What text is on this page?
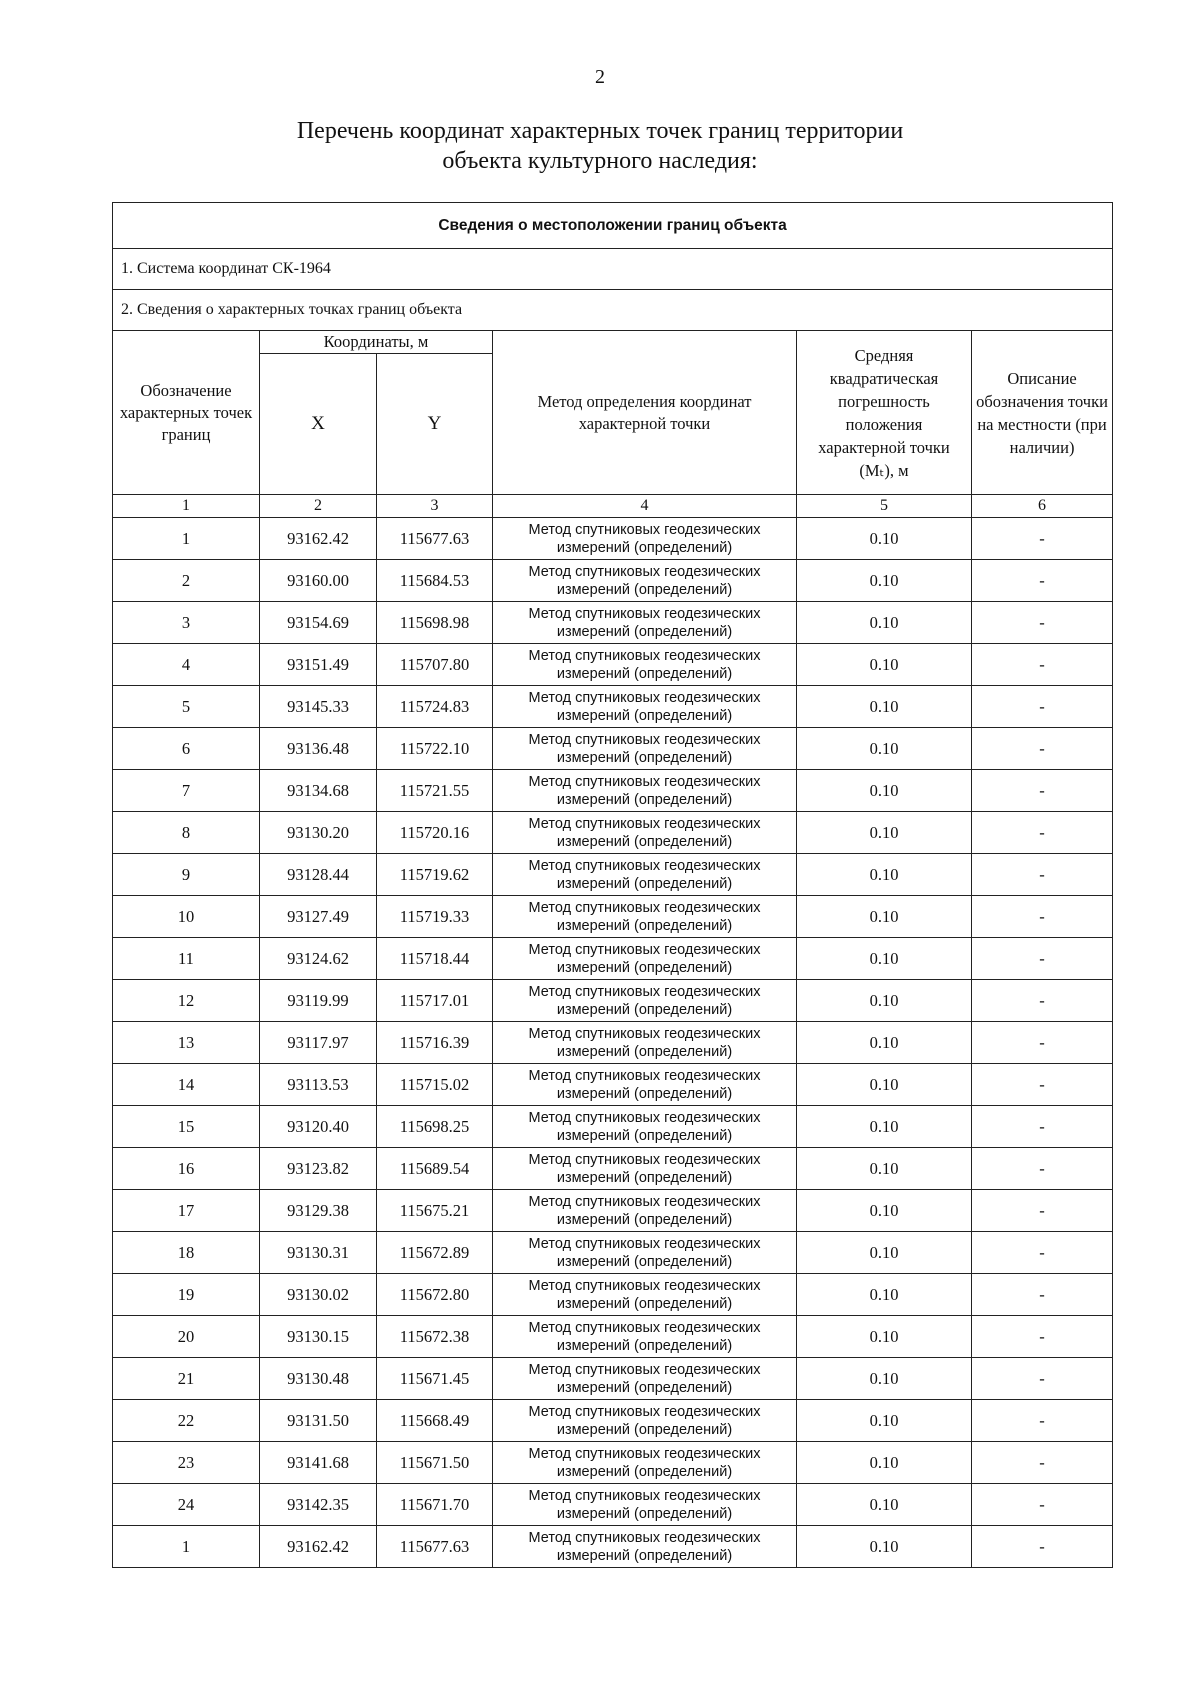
2
Перечень координат характерных точек границ территории
объекта культурного наследия:
Сведения о местоположении границ объекта					
1. Система координат СК-1964					
2. Сведения о характерных точках границ объекта					
Обозначение характерных точек границ	Координаты, м		Метод определения координат характерной точки	Средняя квадратическая погрешность положения характерной точки (Mₜ), м	Описание обозначения точки на местности (при наличии)
	X	Y			
1	2	3	4	5	6
1	93162.42	115677.63	Метод спутниковых геодезических измерений (определений)	0.10	-
2	93160.00	115684.53	Метод спутниковых геодезических измерений (определений)	0.10	-
3	93154.69	115698.98	Метод спутниковых геодезических измерений (определений)	0.10	-
4	93151.49	115707.80	Метод спутниковых геодезических измерений (определений)	0.10	-
5	93145.33	115724.83	Метод спутниковых геодезических измерений (определений)	0.10	-
6	93136.48	115722.10	Метод спутниковых геодезических измерений (определений)	0.10	-
7	93134.68	115721.55	Метод спутниковых геодезических измерений (определений)	0.10	-
8	93130.20	115720.16	Метод спутниковых геодезических измерений (определений)	0.10	-
9	93128.44	115719.62	Метод спутниковых геодезических измерений (определений)	0.10	-
10	93127.49	115719.33	Метод спутниковых геодезических измерений (определений)	0.10	-
11	93124.62	115718.44	Метод спутниковых геодезических измерений (определений)	0.10	-
12	93119.99	115717.01	Метод спутниковых геодезических измерений (определений)	0.10	-
13	93117.97	115716.39	Метод спутниковых геодезических измерений (определений)	0.10	-
14	93113.53	115715.02	Метод спутниковых геодезических измерений (определений)	0.10	-
15	93120.40	115698.25	Метод спутниковых геодезических измерений (определений)	0.10	-
16	93123.82	115689.54	Метод спутниковых геодезических измерений (определений)	0.10	-
17	93129.38	115675.21	Метод спутниковых геодезических измерений (определений)	0.10	-
18	93130.31	115672.89	Метод спутниковых геодезических измерений (определений)	0.10	-
19	93130.02	115672.80	Метод спутниковых геодезических измерений (определений)	0.10	-
20	93130.15	115672.38	Метод спутниковых геодезических измерений (определений)	0.10	-
21	93130.48	115671.45	Метод спутниковых геодезических измерений (определений)	0.10	-
22	93131.50	115668.49	Метод спутниковых геодезических измерений (определений)	0.10	-
23	93141.68	115671.50	Метод спутниковых геодезических измерений (определений)	0.10	-
24	93142.35	115671.70	Метод спутниковых геодезических измерений (определений)	0.10	-
1	93162.42	115677.63	Метод спутниковых геодезических измерений (определений)	0.10	-
